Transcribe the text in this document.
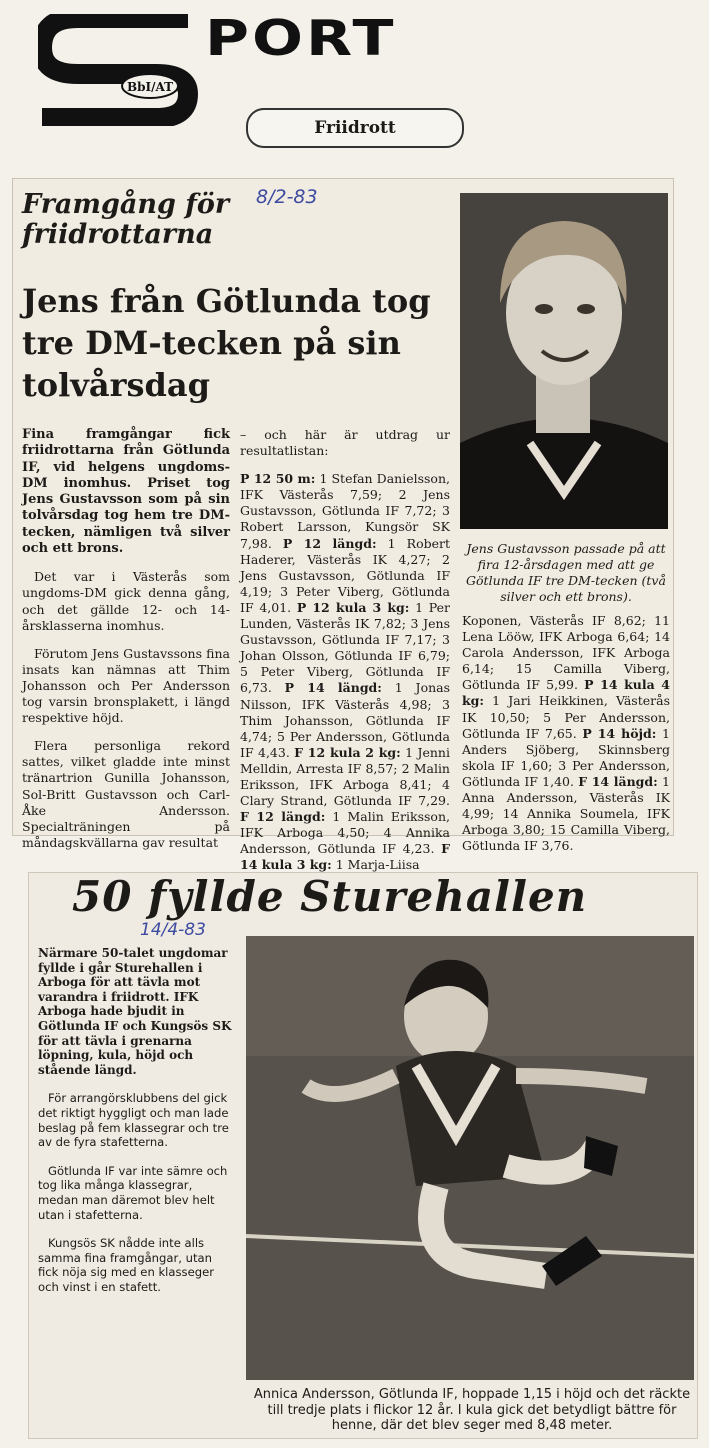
BbI/AT
PORT
Friidrott
Framgång för friidrottarna
8/2-83
Jens från Götlunda tog tre DM-tecken på sin tolvårsdag
Jens Gustavsson passade på att fira 12-årsdagen med att ge Götlunda IF tre DM-tecken (två silver och ett brons).

Fina framgångar fick friidrottarna från Götlunda IF, vid helgens ungdoms-DM inomhus. Priset tog Jens Gustavsson som på sin tolvårsdag tog hem tre DM-tecken, nämligen två silver och ett brons.

Det var i Västerås som ungdoms-DM gick denna gång, och det gällde 12- och 14-årsklasserna inomhus.

Förutom Jens Gustavssons fina insats kan nämnas att Thim Johansson och Per Andersson tog varsin bronsplakett, i längd respektive höjd.

Flera personliga rekord sattes, vilket gladde inte minst tränartrion Gunilla Johansson, Sol-Britt Gustavsson och Carl-Åke Andersson. Specialträningen på måndagskvällarna gav resultat

– och här är utdrag ur resultatlistan:

P 12 50 m: 1 Stefan Danielsson, IFK Västerås 7,59; 2 Jens Gustavsson, Götlunda IF 7,72; 3 Robert Larsson, Kungsör SK 7,98. P 12 längd: 1 Robert Haderer, Västerås IK 4,27; 2 Jens Gustavsson, Götlunda IF 4,19; 3 Peter Viberg, Götlunda IF 4,01. P 12 kula 3 kg: 1 Per Lunden, Västerås IK 7,82; 3 Jens Gustavsson, Götlunda IF 7,17; 3 Johan Olsson, Götlunda IF 6,79; 5 Peter Viberg, Götlunda IF 6,73. P 14 längd: 1 Jonas Nilsson, IFK Västerås 4,98; 3 Thim Johansson, Götlunda IF 4,74; 5 Per Andersson, Götlunda IF 4,43. F 12 kula 2 kg: 1 Jenni Melldin, Arresta IF 8,57; 2 Malin Eriksson, IFK Arboga 8,41; 4 Clary Strand, Götlunda IF 7,29. F 12 längd: 1 Malin Eriksson, IFK Arboga 4,50; 4 Annika Andersson, Götlunda IF 4,23. F 14 kula 3 kg: 1 Marja-Liisa

Koponen, Västerås IF 8,62; 11 Lena Lööw, IFK Arboga 6,64; 14 Carola Andersson, IFK Arboga 6,14; 15 Camilla Viberg, Götlunda IF 5,99. P 14 kula 4 kg: 1 Jari Heikkinen, Västerås IK 10,50; 5 Per Andersson, Götlunda IF 7,65. P 14 höjd: 1 Anders Sjöberg, Skinnsberg skola IF 1,60; 3 Per Andersson, Götlunda IF 1,40. F 14 längd: 1 Anna Andersson, Västerås IK 4,99; 14 Annika Soumela, IFK Arboga 3,80; 15 Camilla Viberg, Götlunda IF 3,76.

50 fyllde Sturehallen
14/4-83

Närmare 50-talet ungdomar fyllde i går Sturehallen i Arboga för att tävla mot varandra i friidrott. IFK Arboga hade bjudit in Götlunda IF och Kungsös SK för att tävla i grenarna löpning, kula, höjd och stående längd.

För arrangörsklubbens del gick det riktigt hyggligt och man lade beslag på fem klassegrar och tre av de fyra stafetterna.

Götlunda IF var inte sämre och tog lika många klassegrar, medan man däremot blev helt utan i stafetterna.

Kungsös SK nådde inte alls samma fina framgångar, utan fick nöja sig med en klasseger och vinst i en stafett.

Annica Andersson, Götlunda IF, hoppade 1,15 i höjd och det räckte till tredje plats i flickor 12 år. I kula gick det betydligt bättre för henne, där det blev seger med 8,48 meter.
